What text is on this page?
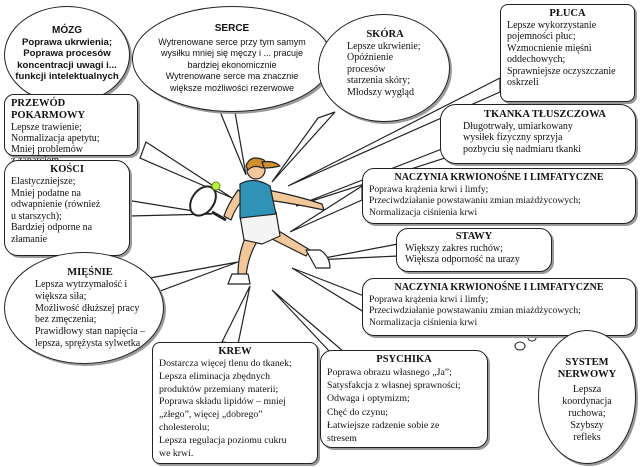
MÓZG
Poprawa ukrwienia;
Poprawa procesów
koncentracji uwagi i...
funkcji intelektualnych
SERCE
Wytrenowane serce przy tym samym
wysiłku mniej się męczy i ... pracuje
bardziej ekonomicznie
Wytrenowane serce ma znacznie
większe możliwości rezerwowe
SKÓRA
Lepsze ukrwienie;
Opóźnienie
procesów
starzenia skóry;
Młodszy wygląd
PŁUCA
Lepsze wykorzystanie
pojemności płuc;
Wzmocnienie mięśni
oddechowych;
Sprawniejsze oczyszczanie
oskrzeli
PRZEWÓD POKARMOWY
Lepsze trawienie;
Normalizacja apetytu;
Mniej problemów
TKANKA TŁUSZCZOWA
Długotrwały, umiarkowany
wysiłek fizyczny sprzyja
pozbyciu się nadmiaru tkanki
KOŚCI
Elastyczniejsze;
Mniej podatne na
odwapnienie (również
u starszych);
Bardziej odporne na
złamanie
NACZYNIA KRWIONOŚNE I LIMFATYCZNE
Poprawa krążenia krwi i limfy;
Przeciwdziałanie powstawaniu zmian miażdżycowych;
Normalizacja ciśnienia krwi
STAWY
Większy zakres ruchów;
Większa odporność na urazy
MIĘŚNIE
Lepsza wytrzymałość i
większa siła;
Możliwość dłuższej pracy
bez zmęczenia;
Prawidłowy stan napięcia –
lepsza, sprężysta sylwetka
NACZYNIA KRWIONOŚNE I LIMFATYCZNE
Poprawa krążenia krwi i limfy;
Przeciwdziałanie powstawaniu zmian miażdżycowych;
Normalizacja ciśnienia krwi
KREW
Dostarcza więcej tlenu do tkanek;
Lepsza eliminacja zbędnych
produktów przemiany materii;
Poprawa składu lipidów – mniej
„złego”, więcej „dobrego”
cholesterolu;
Lepsza regulacja poziomu cukru
we krwi.
PSYCHIKA
Poprawa obrazu własnego „Ja”;
Satysfakcja z własnej sprawności;
Odwaga i optymizm;
Chęć do czynu;
Łatwiejsze radzenie sobie ze
stresem
SYSTEM
NERWOWY
Lepsza
koordynacja
ruchowa;
Szybszy
refleks
